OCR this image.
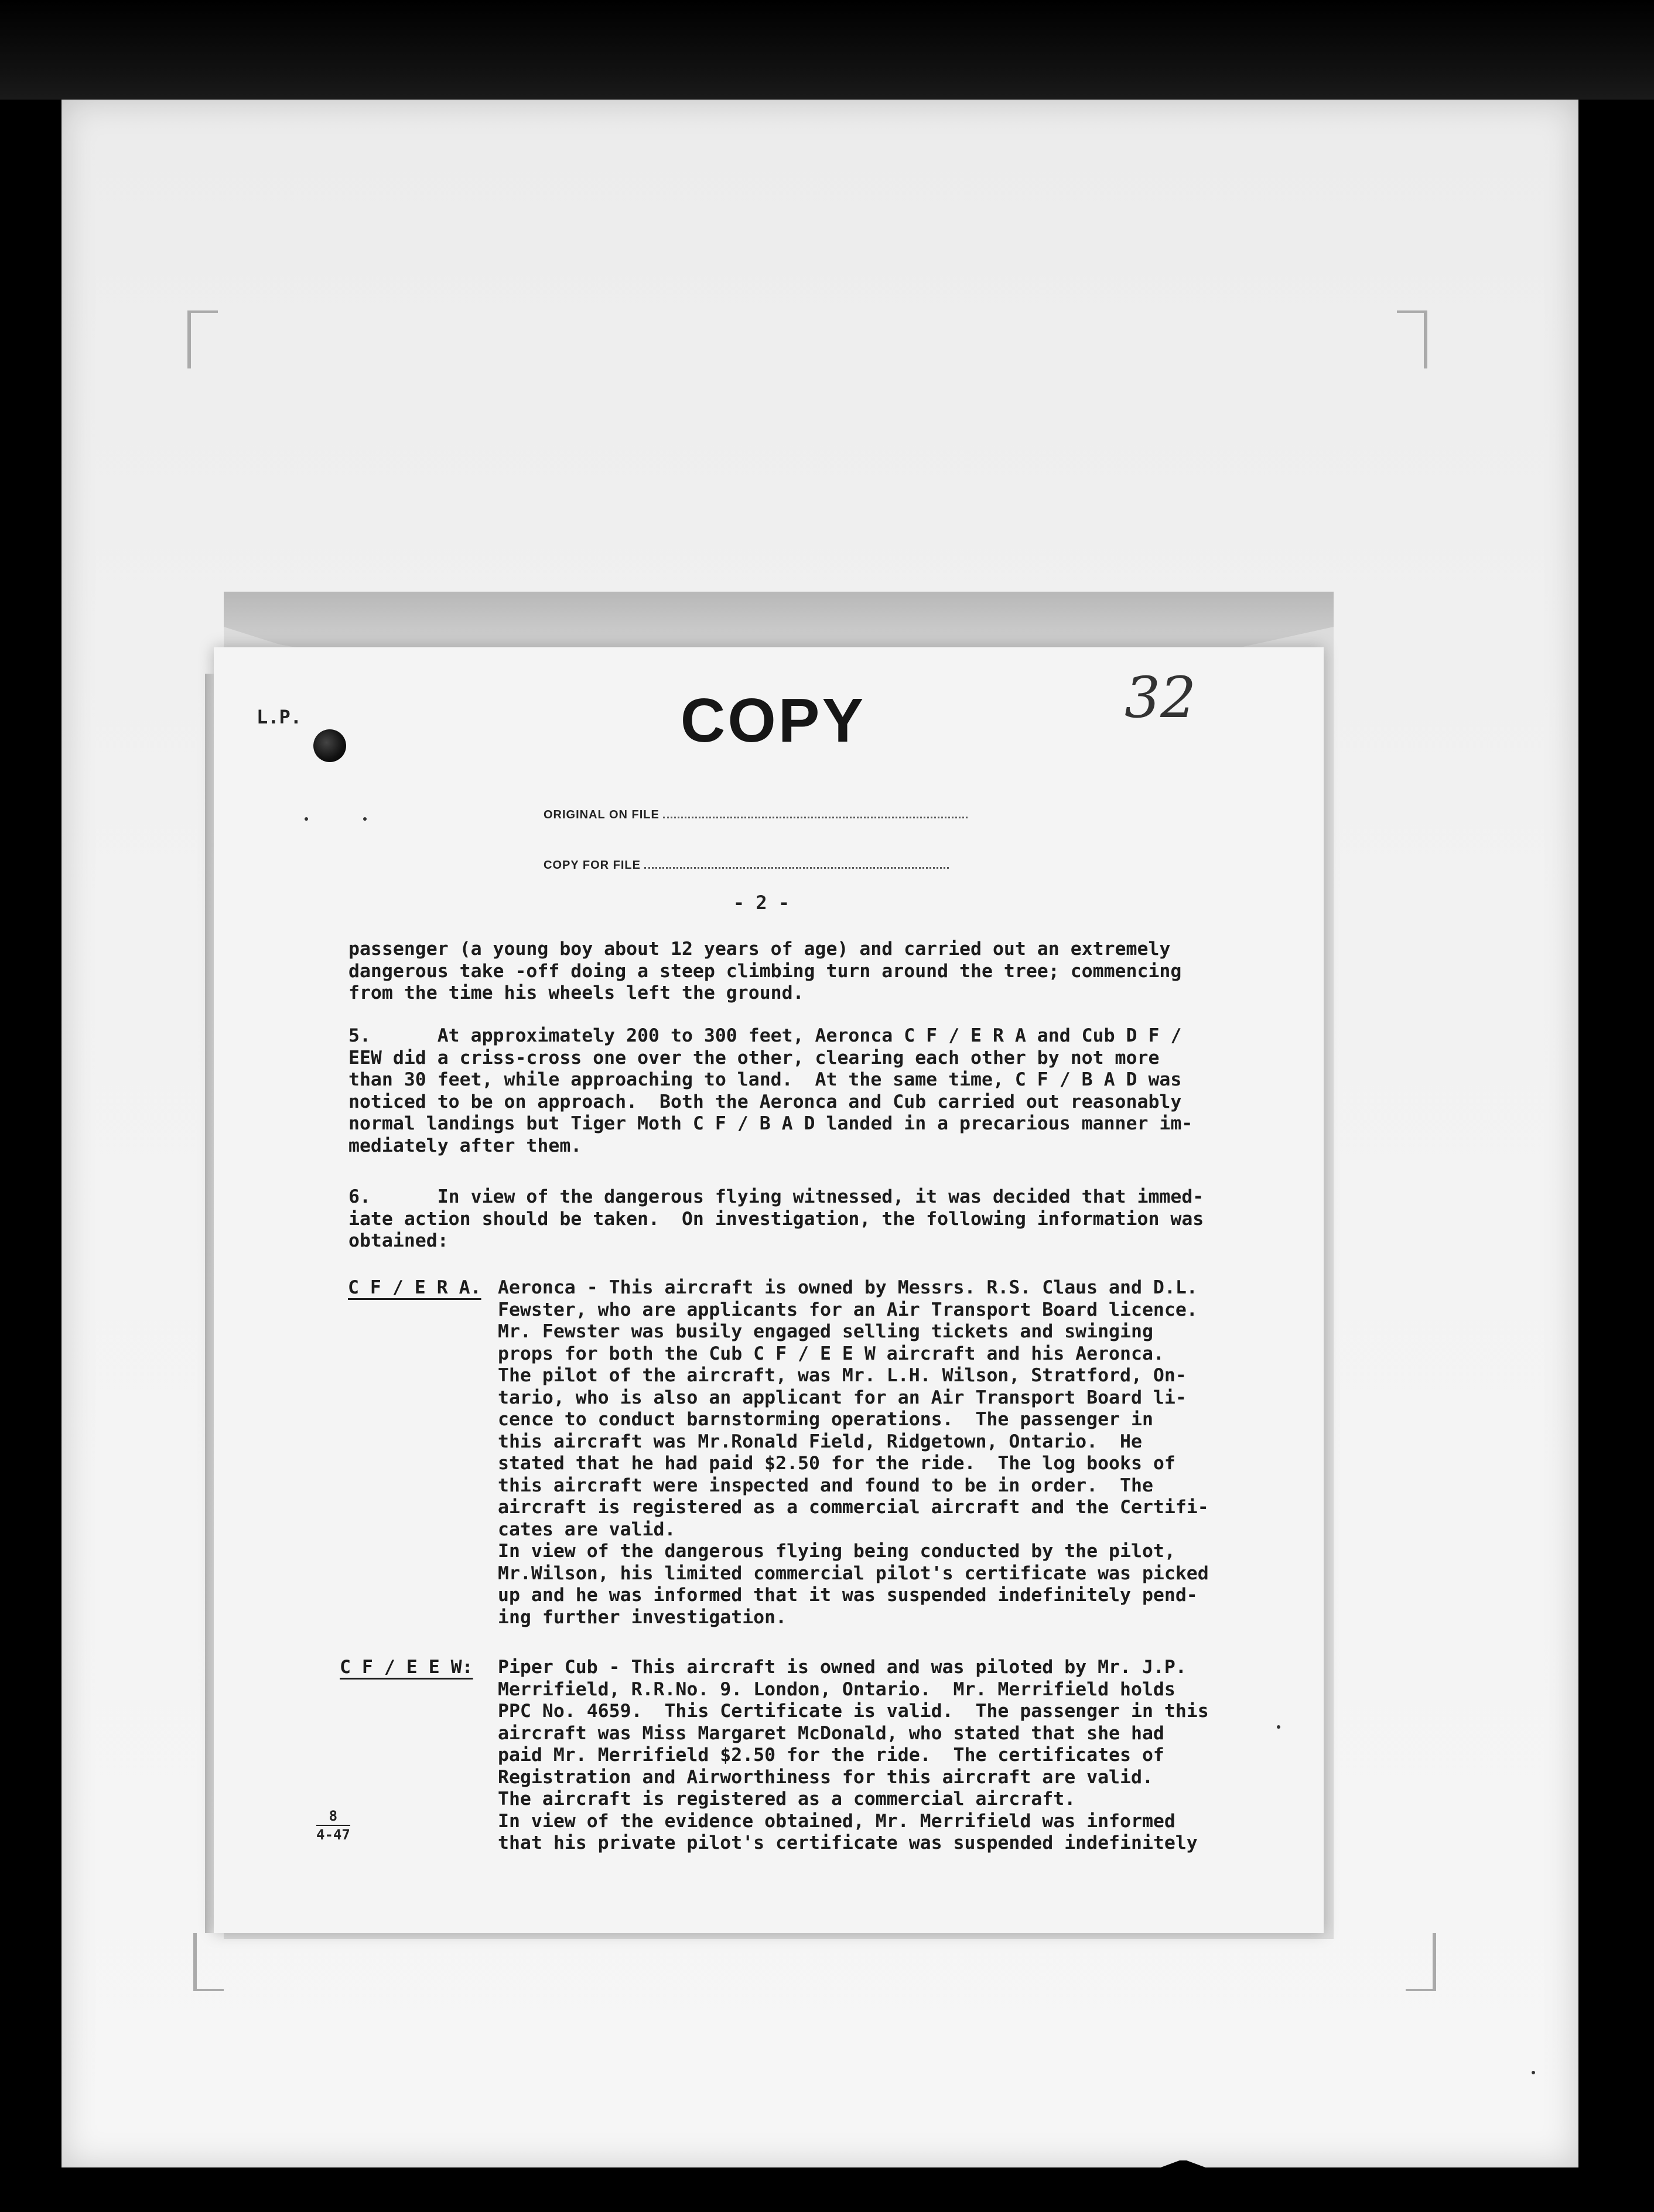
L.P.	COPY	32
ORIGINAL ON FILE
COPY FOR FILE
- 2 -
passenger (a young boy about 12 years of age) and carried out an extremely
dangerous take -off doing a steep climbing turn around the tree; commencing
from the time his wheels left the ground.
5.      At approximately 200 to 300 feet, Aeronca C F / E R A and Cub D F /
EEW did a criss-cross one over the other, clearing each other by not more
than 30 feet, while approaching to land.  At the same time, C F / B A D was
noticed to be on approach.  Both the Aeronca and Cub carried out reasonably
normal landings but Tiger Moth C F / B A D landed in a precarious manner im-
mediately after them.
6.      In view of the dangerous flying witnessed, it was decided that immed-
iate action should be taken.  On investigation, the following information was
obtained:
C F / E R A. Aeronca - This aircraft is owned by Messrs. R.S. Claus and D.L.
Fewster, who are applicants for an Air Transport Board licence.
Mr. Fewster was busily engaged selling tickets and swinging
props for both the Cub C F / E E W aircraft and his Aeronca.
The pilot of the aircraft, was Mr. L.H. Wilson, Stratford, On-
tario, who is also an applicant for an Air Transport Board li-
cence to conduct barnstorming operations.  The passenger in
this aircraft was Mr.Ronald Field, Ridgetown, Ontario.  He
stated that he had paid $2.50 for the ride.  The log books of
this aircraft were inspected and found to be in order.  The
aircraft is registered as a commercial aircraft and the Certifi-
cates are valid.
In view of the dangerous flying being conducted by the pilot,
Mr.Wilson, his limited commercial pilot's certificate was picked
up and he was informed that it was suspended indefinitely pend-
ing further investigation.
C F / E E W: Piper Cub - This aircraft is owned and was piloted by Mr. J.P.
Merrifield, R.R.No. 9. London, Ontario.  Mr. Merrifield holds
PPC No. 4659.  This Certificate is valid.  The passenger in this
aircraft was Miss Margaret McDonald, who stated that she had
paid Mr. Merrifield $2.50 for the ride.  The certificates of
Registration and Airworthiness for this aircraft are valid.
The aircraft is registered as a commercial aircraft.
In view of the evidence obtained, Mr. Merrifield was informed
that his private pilot's certificate was suspended indefinitely
8
4-47
